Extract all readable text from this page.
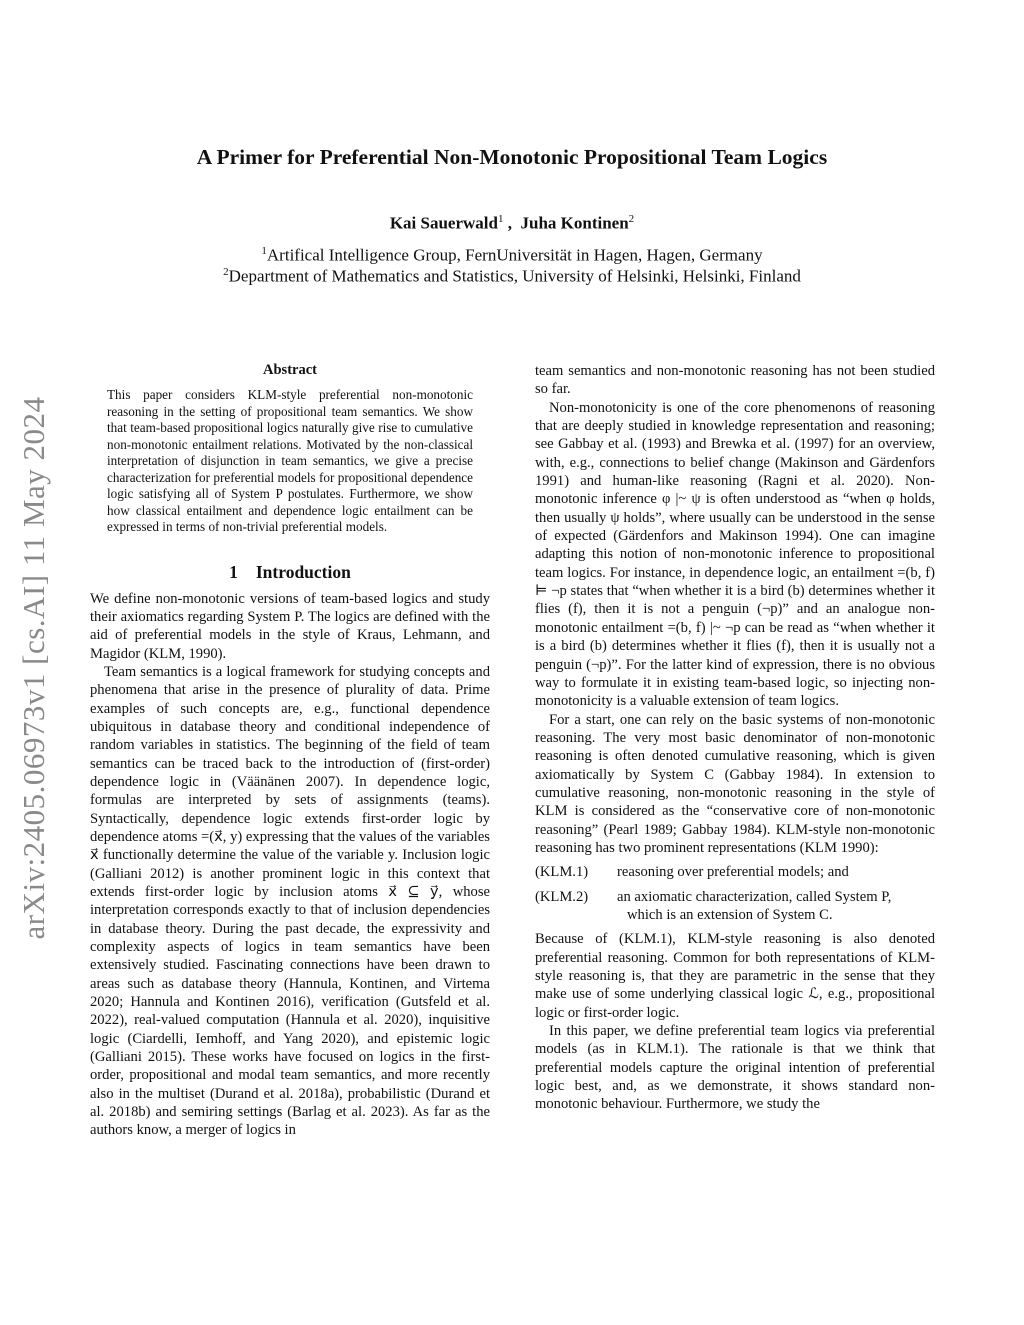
arXiv:2405.06973v1 [cs.AI] 11 May 2024
A Primer for Preferential Non-Monotonic Propositional Team Logics
Kai Sauerwald$^1$ ,  Juha Kontinen$^2$
$^1$Artifical Intelligence Group, FernUniversität in Hagen, Hagen, Germany
$^2$Department of Mathematics and Statistics, University of Helsinki, Helsinki, Finland
Abstract
This paper considers KLM-style preferential non-monotonic reasoning in the setting of propositional team semantics. We show that team-based propositional logics naturally give rise to cumulative non-monotonic entailment relations. Motivated by the non-classical interpretation of disjunction in team semantics, we give a precise characterization for preferential models for propositional dependence logic satisfying all of System P postulates. Furthermore, we show how classical entailment and dependence logic entailment can be expressed in terms of non-trivial preferential models.
1 Introduction

We define non-monotonic versions of team-based logics and study their axiomatics regarding System P. The logics are defined with the aid of preferential models in the style of Kraus, Lehmann, and Magidor (KLM, 1990).

Team semantics is a logical framework for studying concepts and phenomena that arise in the presence of plurality of data. Prime examples of such concepts are, e.g., functional dependence ubiquitous in database theory and conditional independence of random variables in statistics. The beginning of the field of team semantics can be traced back to the introduction of (first-order) dependence logic in (Väänänen 2007). In dependence logic, formulas are interpreted by sets of assignments (teams). Syntactically, dependence logic extends first-order logic by dependence atoms =(x⃗, y) expressing that the values of the variables x⃗ functionally determine the value of the variable y. Inclusion logic (Galliani 2012) is another prominent logic in this context that extends first-order logic by inclusion atoms x⃗ ⊆ y⃗, whose interpretation corresponds exactly to that of inclusion dependencies in database theory. During the past decade, the expressivity and complexity aspects of logics in team semantics have been extensively studied. Fascinating connections have been drawn to areas such as database theory (Hannula, Kontinen, and Virtema 2020; Hannula and Kontinen 2016), verification (Gutsfeld et al. 2022), real-valued computation (Hannula et al. 2020), inquisitive logic (Ciardelli, Iemhoff, and Yang 2020), and epistemic logic (Galliani 2015). These works have focused on logics in the first-order, propositional and modal team semantics, and more recently also in the multiset (Durand et al. 2018a), probabilistic (Durand et al. 2018b) and semiring settings (Barlag et al. 2023). As far as the authors know, a merger of logics in

team semantics and non-monotonic reasoning has not been studied so far.

Non-monotonicity is one of the core phenomenons of reasoning that are deeply studied in knowledge representation and reasoning; see Gabbay et al. (1993) and Brewka et al. (1997) for an overview, with, e.g., connections to belief change (Makinson and Gärdenfors 1991) and human-like reasoning (Ragni et al. 2020). Non-monotonic inference φ |~ ψ is often understood as “when φ holds, then usually ψ holds”, where usually can be understood in the sense of expected (Gärdenfors and Makinson 1994). One can imagine adapting this notion of non-monotonic inference to propositional team logics. For instance, in dependence logic, an entailment =(b, f) ⊨ ¬p states that “when whether it is a bird (b) determines whether it flies (f), then it is not a penguin (¬p)” and an analogue non-monotonic entailment =(b, f) |~ ¬p can be read as “when whether it is a bird (b) determines whether it flies (f), then it is usually not a penguin (¬p)”. For the latter kind of expression, there is no obvious way to formulate it in existing team-based logic, so injecting non-monotonicity is a valuable extension of team logics.

For a start, one can rely on the basic systems of non-monotonic reasoning. The very most basic denominator of non-monotonic reasoning is often denoted cumulative reasoning, which is given axiomatically by System C (Gabbay 1984). In extension to cumulative reasoning, non-monotonic reasoning in the style of KLM is considered as the “conservative core of non-monotonic reasoning” (Pearl 1989; Gabbay 1984). KLM-style non-monotonic reasoning has two prominent representations (KLM 1990):

(KLM.1)	reasoning over preferential models; and
(KLM.2)	an axiomatic characterization, called System P,
which is an extension of System C.

Because of (KLM.1), KLM-style reasoning is also denoted preferential reasoning. Common for both representations of KLM-style reasoning is, that they are parametric in the sense that they make use of some underlying classical logic ℒ, e.g., propositional logic or first-order logic.

In this paper, we define preferential team logics via preferential models (as in KLM.1). The rationale is that we think that preferential models capture the original intention of preferential logic best, and, as we demonstrate, it shows standard non-monotonic behaviour. Furthermore, we study the
